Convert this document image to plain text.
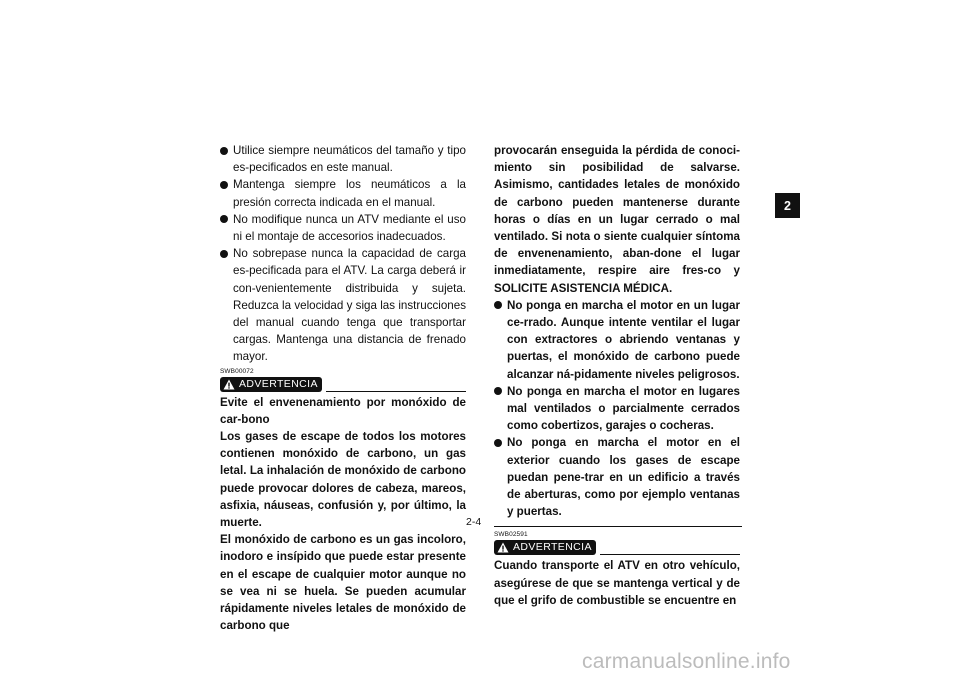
Utilice siempre neumáticos del tamaño y tipo es-pecificados en este manual.
Mantenga siempre los neumáticos a la presión correcta indicada en el manual.
No modifique nunca un ATV mediante el uso ni el montaje de accesorios inadecuados.
No sobrepase nunca la capacidad de carga es-pecificada para el ATV. La carga deberá ir con-venientemente distribuida y sujeta. Reduzca la velocidad y siga las instrucciones del manual cuando tenga que transportar cargas. Mantenga una distancia de frenado mayor.
SWB00072
ADVERTENCIA
Evite el envenenamiento por monóxido de car-bono
Los gases de escape de todos los motores contienen monóxido de carbono, un gas letal. La inhalación de monóxido de carbono puede provocar dolores de cabeza, mareos, asfixia, náuseas, confusión y, por último, la muerte.
El monóxido de carbono es un gas incoloro, inodoro e insípido que puede estar presente en el escape de cualquier motor aunque no se vea ni se huela. Se pueden acumular rápidamente niveles letales de monóxido de carbono que
provocarán enseguida la pérdida de conoci-miento sin posibilidad de salvarse. Asimismo, cantidades letales de monóxido de carbono pueden mantenerse durante horas o días en un lugar cerrado o mal ventilado. Si nota o siente cualquier síntoma de envenenamiento, aban-done el lugar inmediatamente, respire aire fres-co y SOLICITE ASISTENCIA MÉDICA.
No ponga en marcha el motor en un lugar ce-rrado. Aunque intente ventilar el lugar con extractores o abriendo ventanas y puertas, el monóxido de carbono puede alcanzar ná-pidamente niveles peligrosos.
No ponga en marcha el motor en lugares mal ventilados o parcialmente cerrados como cobertizos, garajes o cocheras.
No ponga en marcha el motor en el exterior cuando los gases de escape puedan pene-trar en un edificio a través de aberturas, como por ejemplo ventanas y puertas.
SWB02591
ADVERTENCIA
Cuando transporte el ATV en otro vehículo, asegúrese de que se mantenga vertical y de que el grifo de combustible se encuentre en
2
2-4
carmanualsonline.info
